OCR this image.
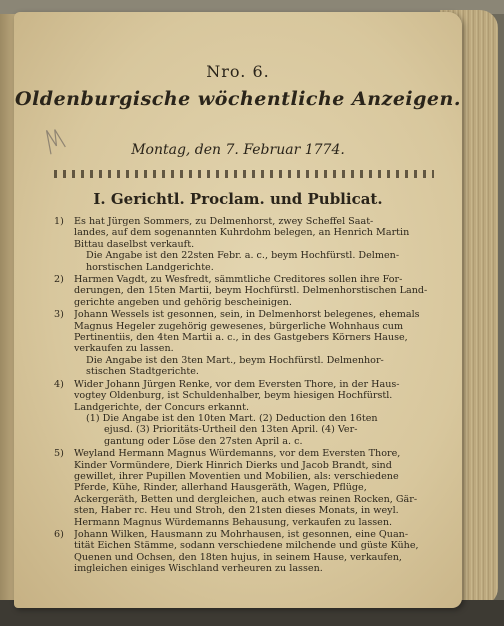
Nro. 6.
Oldenburgische wöchentliche Anzeigen.
Montag, den 7. Februar 1774.
I. Gerichtl. Proclam. und Publicat.
1) Es hat Jürgen Sommers, zu Delmenhorst, zwey Scheffel Saat-
landes, auf dem sogenannten Kuhrdohm belegen, an Henrich Martin
Bittau daselbst verkauft.
Die Angabe ist den 22sten Febr. a. c., beym Hochfürstl. Delmen-
horstischen Landgerichte.
2) Harmen Vagdt, zu Wesfredt, sämmtliche Creditores sollen ihre For-
derungen, den 15ten Martii, beym Hochfürstl. Delmenhorstischen Land-
gerichte angeben und gehörig bescheinigen.
3) Johann Wessels ist gesonnen, sein, in Delmenhorst belegenes, ehemals
Magnus Hegeler zugehörig gewesenes, bürgerliche Wohnhaus cum
Pertinentiis, den 4ten Martii a. c., in des Gastgebers Körners Hause,
verkaufen zu lassen.
Die Angabe ist den 3ten Mart., beym Hochfürstl. Delmenhor-
stischen Stadtgerichte.
4) Wider Johann Jürgen Renke, vor dem Eversten Thore, in der Haus-
vogtey Oldenburg, ist Schuldenhalber, beym hiesigen Hochfürstl.
Landgerichte, der Concurs erkannt.
(1) Die Angabe ist den 10ten Mart. (2) Deduction den 16ten
ejusd. (3) Prioritäts-Urtheil den 13ten April. (4) Ver-
gantung oder Löse den 27sten April a. c.
5) Weyland Hermann Magnus Würdemanns, vor dem Eversten Thore,
Kinder Vormündere, Dierk Hinrich Dierks und Jacob Brandt, sind
gewillet, ihrer Pupillen Moventien und Mobilien, als: verschiedene
Pferde, Kühe, Rinder, allerhand Hausgeräth, Wagen, Pflüge,
Ackergeräth, Betten und dergleichen, auch etwas reinen Rocken, Gär-
sten, Haber rc. Heu und Stroh, den 21sten dieses Monats, in weyl.
Hermann Magnus Würdemanns Behausung, verkaufen zu lassen.
6) Johann Wilken, Hausmann zu Mohrhausen, ist gesonnen, eine Quan-
tität Eichen Stämme, sodann verschiedene milchende und güste Kühe,
Quenen und Ochsen, den 18ten hujus, in seinem Hause, verkaufen,
imgleichen einiges Wischland verheuren zu lassen.
